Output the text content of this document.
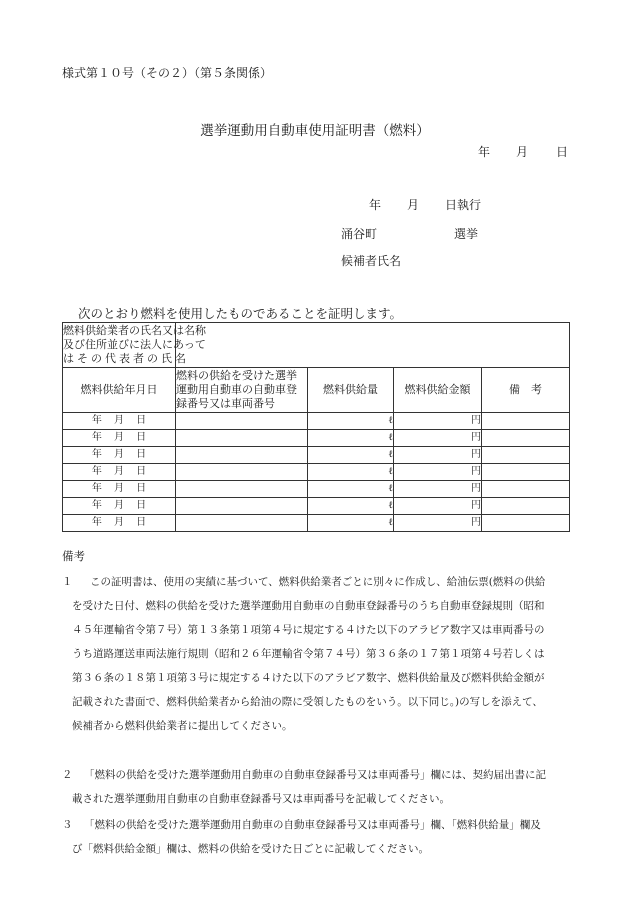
様式第１０号（その２）（第５条関係）
選挙運動用自動車使用証明書（燃料）
年 月 日
年 月 日執行
涌谷町	選挙
候補者氏名
次のとおり燃料を使用したものであることを証明します。
燃料供給業者の氏名又は名称
及び住所並びに法人にあって
はその代表者の氏名				

燃料供給年月日	燃料の供給を受けた選挙
運動用自動車の自動車登
録番号又は車両番号	燃料供給量	燃料供給金額	備　考
年 月 日		ℓ	円	
年 月 日		ℓ	円	
年 月 日		ℓ	円	
年 月 日		ℓ	円	
年 月 日		ℓ	円	
年 月 日		ℓ	円	
年 月 日		ℓ	円	
備考
１	この証明書は、使用の実績に基づいて、燃料供給業者ごとに別々に作成し、給油伝票(燃料の供給
を受けた日付、燃料の供給を受けた選挙運動用自動車の自動車登録番号のうち自動車登録規則（昭和
４５年運輸省令第７号）第１３条第１項第４号に規定する４けた以下のアラビア数字又は車両番号の
うち道路運送車両法施行規則（昭和２６年運輸省令第７４号）第３６条の１７第１項第４号若しくは
第３６条の１８第１項第３号に規定する４けた以下のアラビア数字、燃料供給量及び燃料供給金額が
記載された書面で、燃料供給業者から給油の際に受領したものをいう。以下同じ。)の写しを添えて、
候補者から燃料供給業者に提出してください。
２	「燃料の供給を受けた選挙運動用自動車の自動車登録番号又は車両番号」欄には、契約届出書に記
載された選挙運動用自動車の自動車登録番号又は車両番号を記載してください。
３	「燃料の供給を受けた選挙運動用自動車の自動車登録番号又は車両番号」欄、「燃料供給量」欄及
び「燃料供給金額」欄は、燃料の供給を受けた日ごとに記載してください。
